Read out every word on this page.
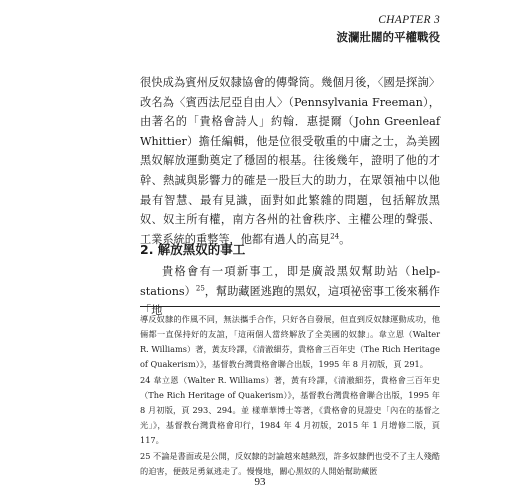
CHAPTER 3
波瀾壯闊的平權戰役

很快成為賓州反奴隸協會的傳聲筒。幾個月後，〈國是探詢〉改名為〈賓西法尼亞自由人〉（Pennsylvania Freeman），由著名的「貴格會詩人」約翰．惠提爾（John Greenleaf Whittier）擔任編輯，他是位很受敬重的中庸之士，為美國黑奴解放運動奠定了穩固的根基。往後幾年，證明了他的才幹、熱誠與影響力的確是一股巨大的助力，在眾領袖中以他最有智慧、最有見識，面對如此繁雜的問題，包括解放黑奴、奴主所有權，南方各州的社會秩序、主權公理的聲張、工業系統的重整等，他都有過人的高見$^{24}$。

2. 解放黑奴的事工

貴格會有一項新事工，即是廣設黑奴幫助站（help-stations）$^{25}$，幫助藏匿逃跑的黑奴，這項祕密事工後來稱作「地

導反奴隸的作風不同，無法攜手合作，只好各自發展，但直到反奴隸運動成功，他倆都一直保持好的友誼，「這兩個人當終解放了全美國的奴隸」。韋立恩（Walter R. Williams）著，黃友玲譯，《清澈細芬，貴格會三百年史（The Rich Heritage of Quakerism）》，基督教台灣貴格會聯合出版，1995 年 8 月初版，頁 291。

24 韋立恩（Walter R. Williams）著，黃有玲譯，《清澈細芬，貴格會三百年史（The Rich Heritage of Quakerism）》，基督教台灣貴格會聯合出版，1995 年 8 月初版，頁 293、294。並 樣華華博士等著，《貴格會的見證史「內在的基督之光」》，基督教台灣貴格會印行，1984 年 4 月初版，2015 年 1 月增修二版，頁 117。

25 不論是書面或是公開，反奴隸的討論越來越熱烈，許多奴隸們也受不了主人殘酷的迫害，便鼓足勇氣逃走了。慢慢地，關心黑奴的人開始幫助藏匿

93
